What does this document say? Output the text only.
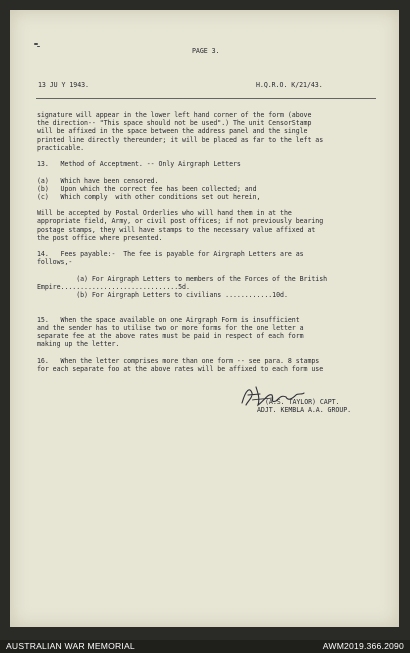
PAGE 3.
13 JU Y 1943.	H.Q.R.O. K/21/43.
signature will appear in the lower left hand corner of the form (above
the direction-- "This space should not be used".) The unit CensorStamp
will be affixed in the space between the address panel and the single
printed line directly thereunder; it will be placed as far to the left as
practicable.
13.   Method of Acceptment. -- Only Airgraph Letters
(a)   Which have been censored.
(b)   Upon which the correct fee has been collected; and
(c)   Which comply  with other conditions set out herein,
Will be accepted by Postal Orderlies who will hand them in at the
appropriate field, Army, or civil post offices; if not previously bearing
postage stamps, they will have stamps to the necessary value affixed at
the post office where presented.
14.   Fees payable:-  The fee is payable for Airgraph Letters are as
follows,-
(a) For Airgraph Letters to members of the Forces of the British
Empire..............................5d.
(b) For Airgraph Letters to civilians ............10d.
15.   When the space available on one Airgraph Form is insufficient
and the sender has to utilise two or more forms for the one letter a
separate fee at the above rates must be paid in respect of each form
making up the letter.
16.   When the letter comprises more than one form -- see para. 8 stamps
for each separate foo at the above rates will be affixed to each form use
(A.S. TAYLOR) CAPT.
ADJT. KEMBLA A.A. GROUP.
AUSTRALIAN WAR MEMORIAL	AWM2019.366.2090
